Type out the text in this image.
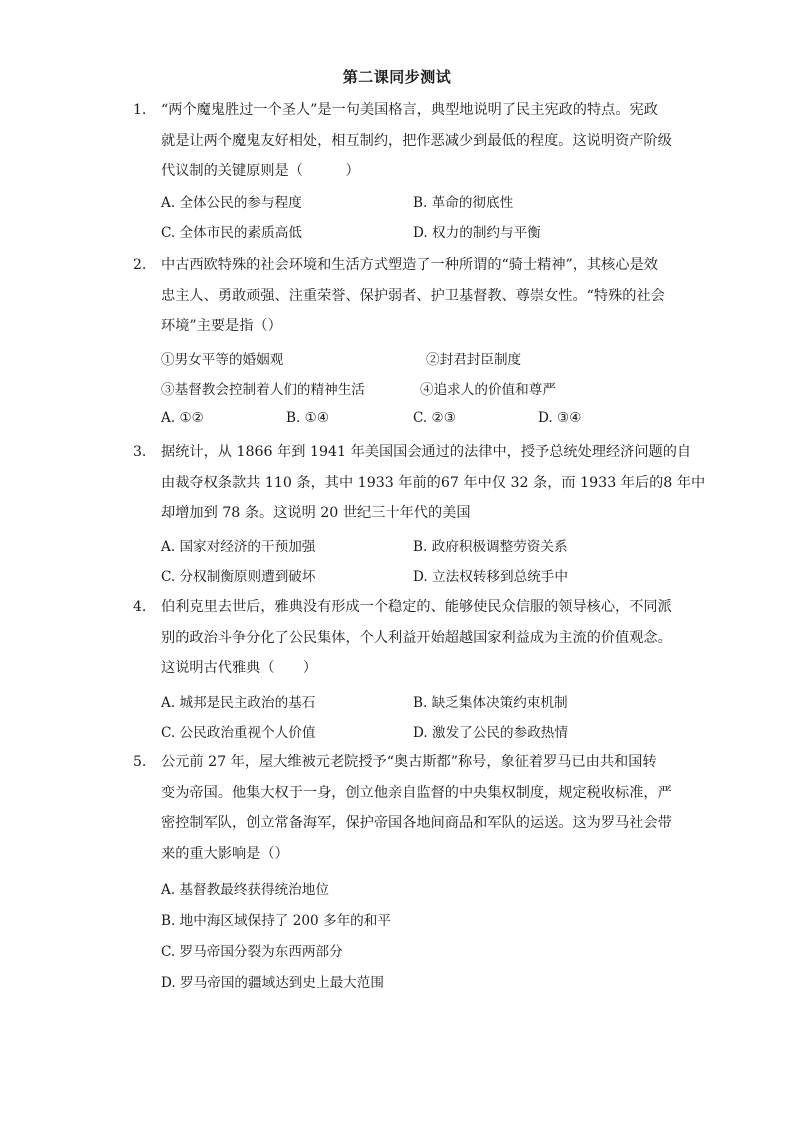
第二课同步测试
1.	“两个魔鬼胜过一个圣人”是一句美国格言，典型地说明了民主宪政的特点。宪政
就是让两个魔鬼友好相处，相互制约，把作恶减少到最低的程度。这说明资产阶级
代议制的关键原则是（　　　）
A. 全体公民的参与程度	B. 革命的彻底性
C. 全体市民的素质高低	D. 权力的制约与平衡
2.	中古西欧特殊的社会环境和生活方式塑造了一种所谓的“骑士精神”，其核心是效
忠主人、勇敢顽强、注重荣誉、保护弱者、护卫基督教、尊崇女性。“特殊的社会
环境”主要是指（）
①男女平等的婚姻观	②封君封臣制度
③基督教会控制着人们的精神生活	④追求人的价值和尊严
A. ①②	B. ①④	C. ②③	D. ③④
3.	据统计，从 1866 年到 1941 年美国国会通过的法律中，授予总统处理经济问题的自
由裁夺权条款共 110 条，其中 1933 年前的67 年中仅 32 条，而 1933 年后的8 年中
却增加到 78 条。这说明 20 世纪三十年代的美国
A. 国家对经济的干预加强	B. 政府积极调整劳资关系
C. 分权制衡原则遭到破坏	D. 立法权转移到总统手中
4.	伯利克里去世后，雅典没有形成一个稳定的、能够使民众信服的领导核心，不同派
别的政治斗争分化了公民集体，个人利益开始超越国家利益成为主流的价值观念。
这说明古代雅典（　　）
A. 城邦是民主政治的基石	B. 缺乏集体决策约束机制
C. 公民政治重视个人价值	D. 激发了公民的参政热情
5.	公元前 27 年，屋大维被元老院授予“奥古斯都”称号，象征着罗马已由共和国转
变为帝国。他集大权于一身，创立他亲自监督的中央集权制度，规定税收标准，严
密控制军队，创立常备海军，保护帝国各地间商品和军队的运送。这为罗马社会带
来的重大影响是（）
A. 基督教最终获得统治地位
B. 地中海区域保持了 200 多年的和平
C. 罗马帝国分裂为东西两部分
D. 罗马帝国的疆域达到史上最大范围
